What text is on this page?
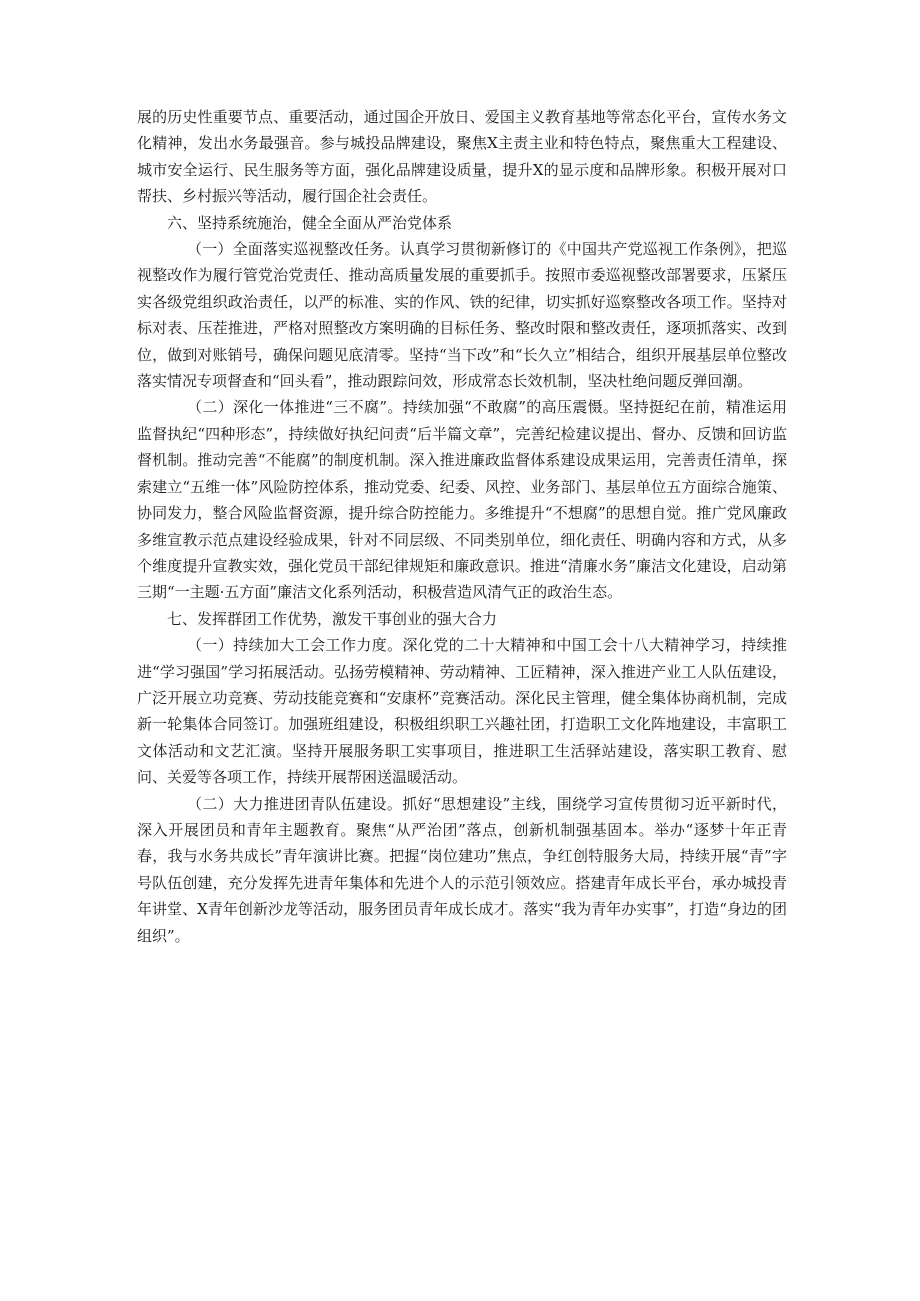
展的历史性重要节点、重要活动，通过国企开放日、爱国主义教育基地等常态化平台，宣传水务文化精神，发出水务最强音。参与城投品牌建设，聚焦X主责主业和特色特点，聚焦重大工程建设、城市安全运行、民生服务等方面，强化品牌建设质量，提升X的显示度和品牌形象。积极开展对口帮扶、乡村振兴等活动，履行国企社会责任。

六、坚持系统施治，健全全面从严治党体系

（一）全面落实巡视整改任务。认真学习贯彻新修订的《中国共产党巡视工作条例》，把巡视整改作为履行管党治党责任、推动高质量发展的重要抓手。按照市委巡视整改部署要求，压紧压实各级党组织政治责任，以严的标准、实的作风、铁的纪律，切实抓好巡察整改各项工作。坚持对标对表、压茬推进，严格对照整改方案明确的目标任务、整改时限和整改责任，逐项抓落实、改到位，做到对账销号，确保问题见底清零。坚持“当下改”和“长久立”相结合，组织开展基层单位整改落实情况专项督查和“回头看”，推动跟踪问效，形成常态长效机制，坚决杜绝问题反弹回潮。

（二）深化一体推进“三不腐”。持续加强“不敢腐”的高压震慑。坚持挺纪在前，精准运用监督执纪“四种形态”，持续做好执纪问责“后半篇文章”，完善纪检建议提出、督办、反馈和回访监督机制。推动完善“不能腐”的制度机制。深入推进廉政监督体系建设成果运用，完善责任清单，探索建立“五维一体”风险防控体系，推动党委、纪委、风控、业务部门、基层单位五方面综合施策、协同发力，整合风险监督资源，提升综合防控能力。多维提升“不想腐”的思想自觉。推广党风廉政多维宣教示范点建设经验成果，针对不同层级、不同类别单位，细化责任、明确内容和方式，从多个维度提升宣教实效，强化党员干部纪律规矩和廉政意识。推进“清廉水务”廉洁文化建设，启动第三期“一主题·五方面”廉洁文化系列活动，积极营造风清气正的政治生态。

七、发挥群团工作优势，激发干事创业的强大合力

（一）持续加大工会工作力度。深化党的二十大精神和中国工会十八大精神学习，持续推进“学习强国”学习拓展活动。弘扬劳模精神、劳动精神、工匠精神，深入推进产业工人队伍建设，广泛开展立功竞赛、劳动技能竞赛和“安康杯”竞赛活动。深化民主管理，健全集体协商机制，完成新一轮集体合同签订。加强班组建设，积极组织职工兴趣社团，打造职工文化阵地建设，丰富职工文体活动和文艺汇演。坚持开展服务职工实事项目，推进职工生活驿站建设，落实职工教育、慰问、关爱等各项工作，持续开展帮困送温暖活动。

（二）大力推进团青队伍建设。抓好“思想建设”主线，围绕学习宣传贯彻习近平新时代，深入开展团员和青年主题教育。聚焦“从严治团”落点，创新机制强基固本。举办“逐梦十年正青春，我与水务共成长”青年演讲比赛。把握“岗位建功”焦点，争红创特服务大局，持续开展“青”字号队伍创建，充分发挥先进青年集体和先进个人的示范引领效应。搭建青年成长平台，承办城投青年讲堂、X青年创新沙龙等活动，服务团员青年成长成才。落实“我为青年办实事”，打造“身边的团组织”。
